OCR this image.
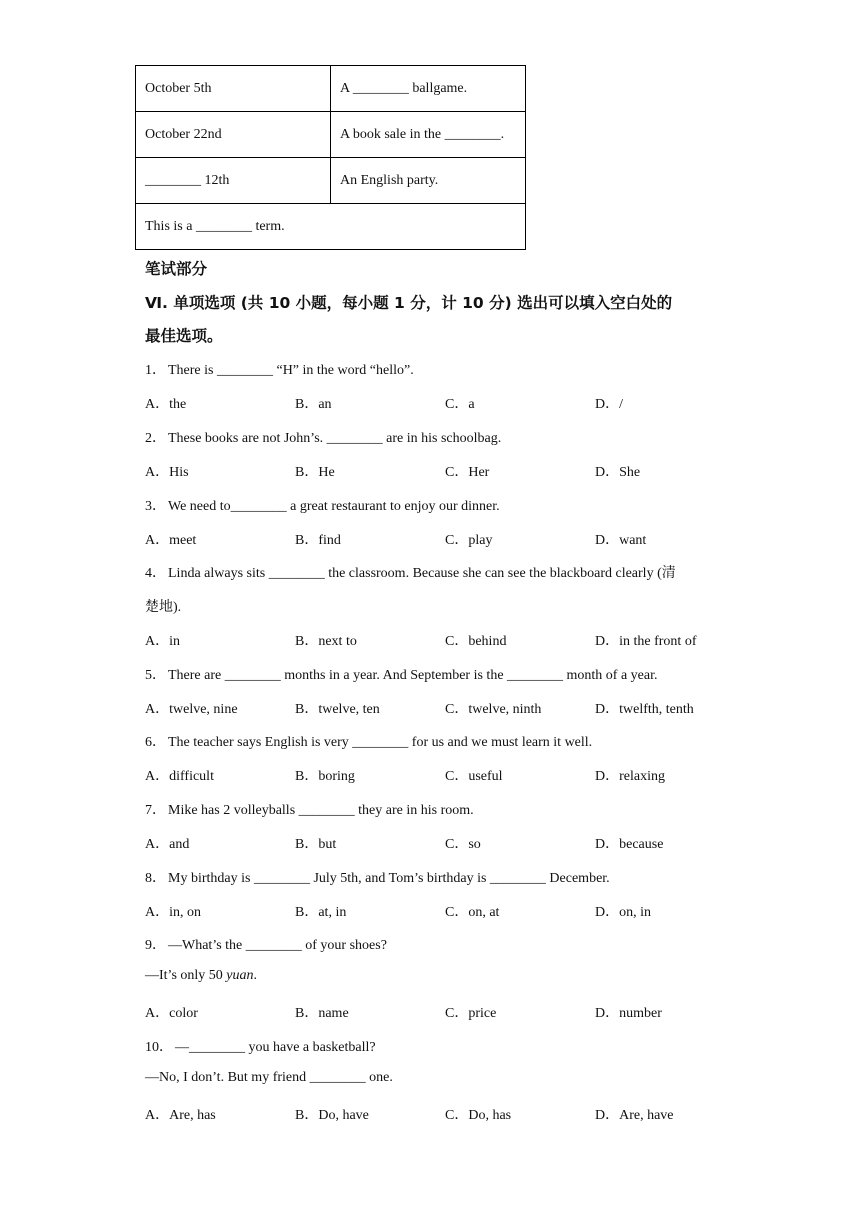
October 5th	A ________ ballgame.
October 22nd	A book sale in the ________.
________ 12th	An English party.
This is a ________ term.	
笔试部分
Ⅵ. 单项选项 (共 10 小题，每小题 1 分，计 10 分) 选出可以填入空白处的
最佳选项。
1． There is ________ “H” in the word “hello”.
A．the	B．an	C．a	D．/
2． These books are not John’s. ________ are in his schoolbag.
A．His	B．He	C．Her	D．She
3． We need to________ a great restaurant to enjoy our dinner.
A．meet	B．find	C．play	D．want
4． Linda always sits ________ the classroom. Because she can see the blackboard clearly (清
楚地).
A．in	B．next to	C．behind	D．in the front of
5． There are ________ months in a year. And September is the ________ month of a year.
A．twelve, nine	B．twelve, ten	C．twelve, ninth	D．twelfth, tenth
6． The teacher says English is very ________ for us and we must learn it well.
A．difficult	B．boring	C．useful	D．relaxing
7． Mike has 2 volleyballs ________ they are in his room.
A．and	B．but	C．so	D．because
8． My birthday is ________ July 5th, and Tom’s birthday is ________ December.
A．in, on	B．at, in	C．on, at	D．on, in
9． —What’s the ________ of your shoes?
—It’s only 50 yuan.
A．color	B．name	C．price	D．number
10． —________ you have a basketball?
—No, I don’t. But my friend ________ one.
A．Are, has	B．Do, have	C．Do, has	D．Are, have
